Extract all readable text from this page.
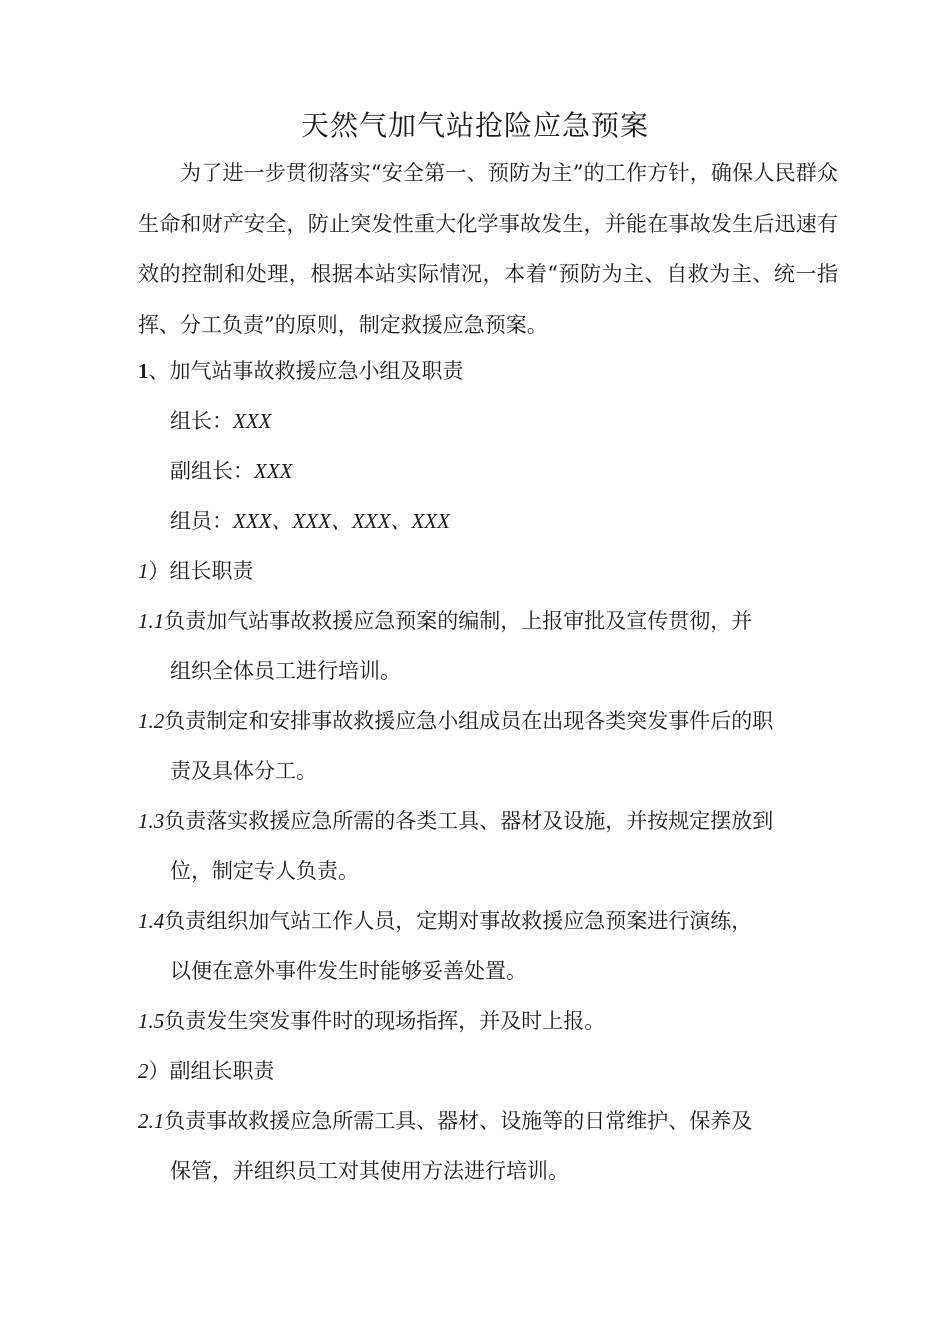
天然气加气站抢险应急预案

为了进一步贯彻落实“安全第一、预防为主”的工作方针，确保人民群众生命和财产安全，防止突发性重大化学事故发生，并能在事故发生后迅速有效的控制和处理，根据本站实际情况，本着“预防为主、自救为主、统一指挥、分工负责”的原则，制定救援应急预案。

1、加气站事故救援应急小组及职责
组长：XXX
副组长：XXX
组员：XXX、XXX、XXX、XXX
1）组长职责
1.1负责加气站事故救援应急预案的编制，上报审批及宣传贯彻，并
组织全体员工进行培训。
1.2负责制定和安排事故救援应急小组成员在出现各类突发事件后的职
责及具体分工。
1.3负责落实救援应急所需的各类工具、器材及设施，并按规定摆放到
位，制定专人负责。
1.4负责组织加气站工作人员，定期对事故救援应急预案进行演练，
以便在意外事件发生时能够妥善处置。
1.5负责发生突发事件时的现场指挥，并及时上报。
2）副组长职责
2.1负责事故救援应急所需工具、器材、设施等的日常维护、保养及
保管，并组织员工对其使用方法进行培训。
